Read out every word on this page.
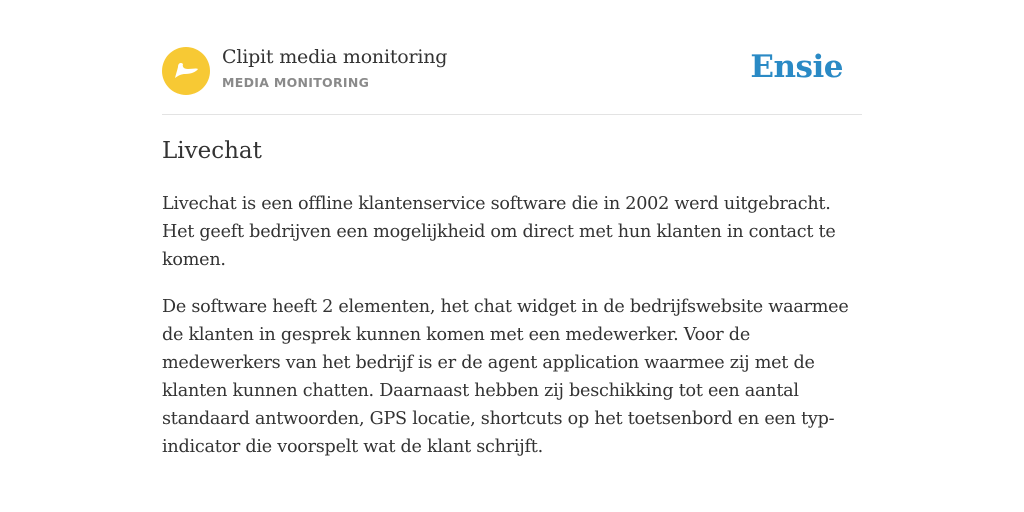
Clipit media monitoring
MEDIA MONITORING	Ensie
Livechat

Livechat is een offline klantenservice software die in 2002 werd uitgebracht. Het geeft bedrijven een mogelijkheid om direct met hun klanten in contact te komen.

De software heeft 2 elementen, het chat widget in de bedrijfswebsite waarmee de klanten in gesprek kunnen komen met een medewerker. Voor de medewerkers van het bedrijf is er de agent application waarmee zij met de klanten kunnen chatten. Daarnaast hebben zij beschikking tot een aantal standaard antwoorden, GPS locatie, shortcuts op het toetsenbord en een typ-indicator die voorspelt wat de klant schrijft.
